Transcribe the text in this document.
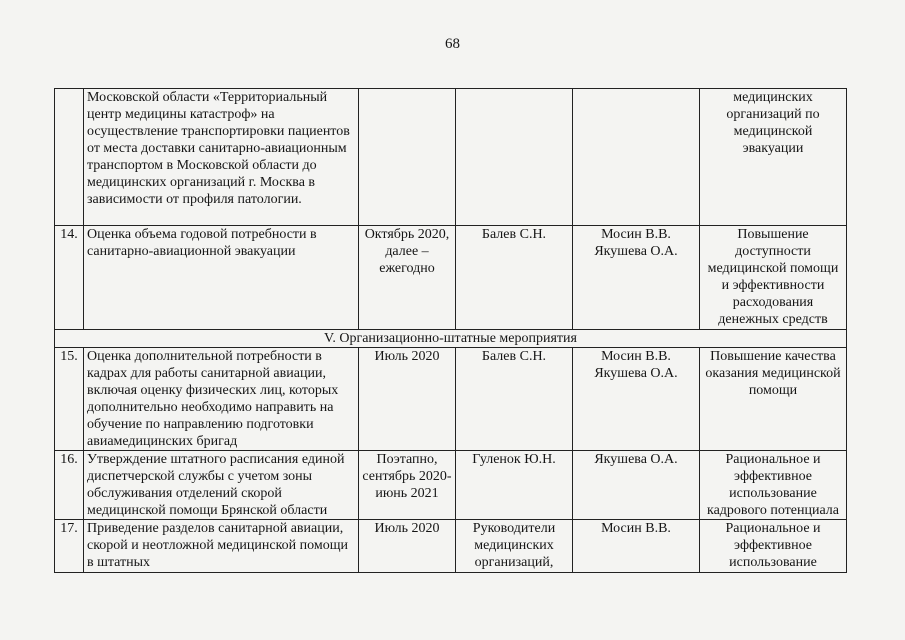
68
	Московской области «Территориальный центр медицины катастроф» на осуществление транспортировки пациентов от места доставки санитарно-авиационным транспортом в Московской области до медицинских организаций г. Москва в зависимости от профиля патологии.				медицинских организаций по медицинской эвакуации
14.	Оценка объема годовой потребности в санитарно-авиационной эвакуации	Октябрь 2020, далее – ежегодно	Балев С.Н.	Мосин В.В. Якушева О.А.	Повышение доступности медицинской помощи и эффективности расходования денежных средств
V. Организационно-штатные мероприятия					
15.	Оценка дополнительной потребности в кадрах для работы санитарной авиации, включая оценку физических лиц, которых дополнительно необходимо направить на обучение по направлению подготовки авиамедицинских бригад	Июль 2020	Балев С.Н.	Мосин В.В. Якушева О.А.	Повышение качества оказания медицинской помощи
16.	Утверждение штатного расписания единой диспетчерской службы с учетом зоны обслуживания отделений скорой медицинской помощи Брянской области	Поэтапно, сентябрь 2020-июнь 2021	Гуленок Ю.Н.	Якушева О.А.	Рациональное и эффективное использование кадрового потенциала
17.	Приведение разделов санитарной авиации, скорой и неотложной медицинской помощи в штатных	Июль 2020	Руководители медицинских организаций,	Мосин В.В.	Рациональное и эффективное использование
